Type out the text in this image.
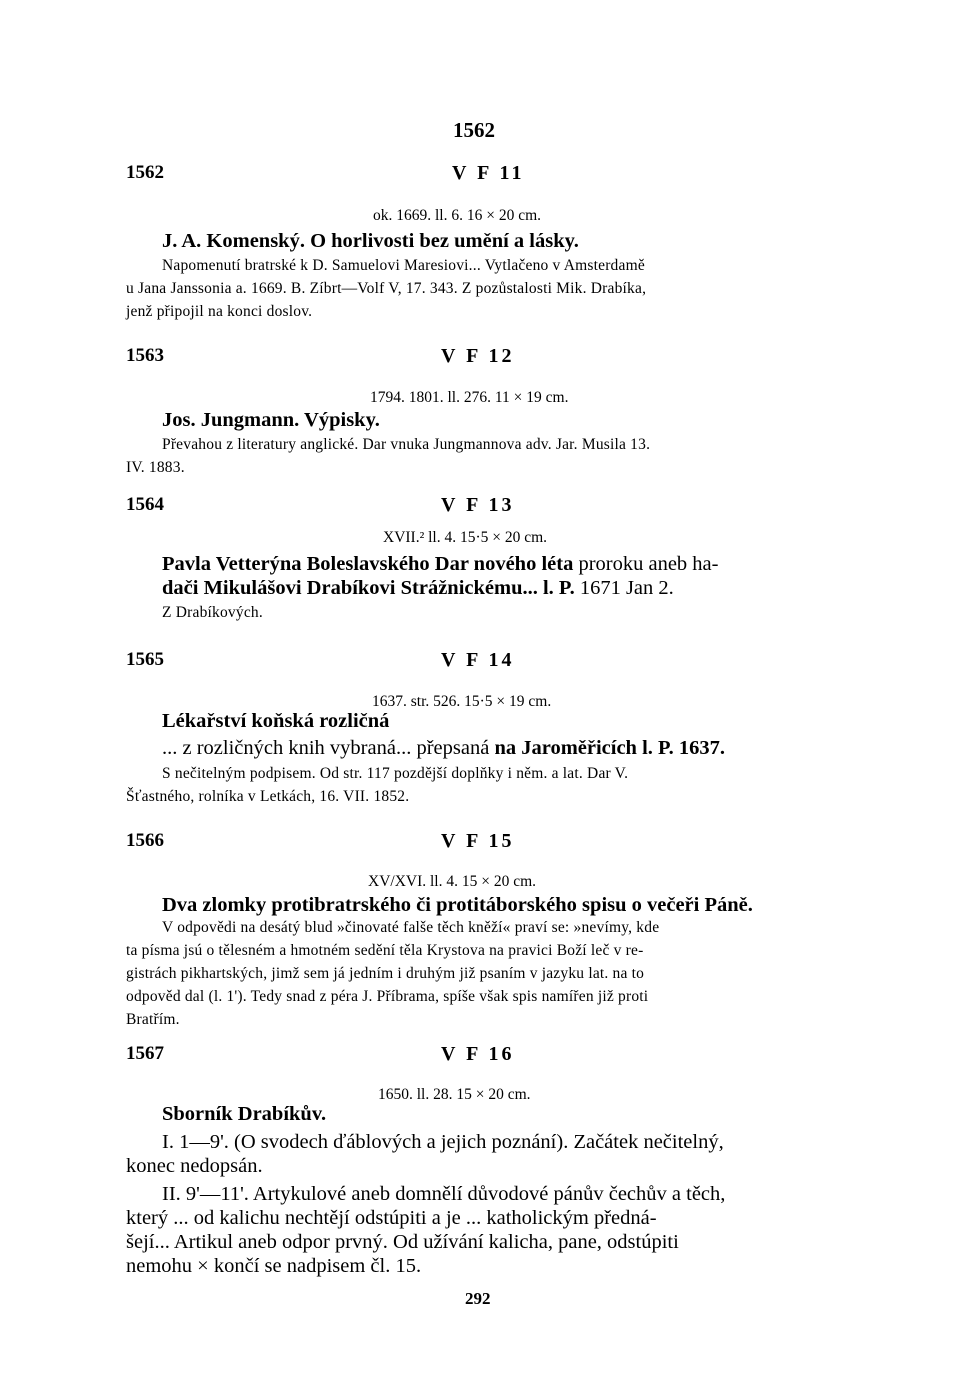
1562
1562	V F 11
ok. 1669. ll. 6. 16 × 20 cm.
J. A. Komenský. O horlivosti bez umění a lásky.
Napomenutí bratrské k D. Samuelovi Maresiovi... Vytlačeno v Amsterdamě
u Jana Janssonia a. 1669. B. Zíbrt—Volf V, 17. 343. Z pozůstalosti Mik. Drabíka,
jenž připojil na konci doslov.
1563	V F 12
1794. 1801. ll. 276. 11 × 19 cm.
Jos. Jungmann. Výpisky.
Převahou z literatury anglické. Dar vnuka Jungmannova adv. Jar. Musila 13.
IV. 1883.
1564	V F 13
XVII.² ll. 4. 15·5 × 20 cm.
Pavla Vetterýna Boleslavského Dar nového léta proroku aneb ha-
dači Mikulášovi Drabíkovi Strážnickému... l. P. 1671 Jan 2.
Z Drabíkových.
1565	V F 14
1637. str. 526. 15·5 × 19 cm.
Lékařství koňská rozličná
... z rozličných knih vybraná... přepsaná na Jaroměřicích l. P. 1637.
S nečitelným podpisem. Od str. 117 pozdější doplňky i něm. a lat. Dar V.
Šťastného, rolníka v Letkách, 16. VII. 1852.
1566	V F 15
XV/XVI. ll. 4. 15 × 20 cm.
Dva zlomky protibratrského či protitáborského spisu o večeři Páně.
V odpovědi na desátý blud »činovaté falše těch kněží« praví se: »nevímy, kde
ta písma jsú o tělesném a hmotném sedění těla Krystova na pravici Boží leč v re-
gistrách pikhartských, jimž sem já jedním i druhým již psaním v jazyku lat. na to
odpověd dal (l. 1'). Tedy snad z péra J. Příbrama, spíše však spis namířen již proti
Bratřím.
1567	V F 16
1650. ll. 28. 15 × 20 cm.
Sborník Drabíkův.
I. 1—9'. (O svodech ďáblových a jejich poznání). Začátek nečitelný,
konec nedopsán.
II. 9'—11'. Artykulové aneb domnělí důvodové pánův čechův a těch,
který ... od kalichu nechtějí odstúpiti a je ... katholickým předná-
šejí... Artikul aneb odpor prvný. Od užívání kalicha, pane, odstúpiti
nemohu × končí se nadpisem čl. 15.
292
